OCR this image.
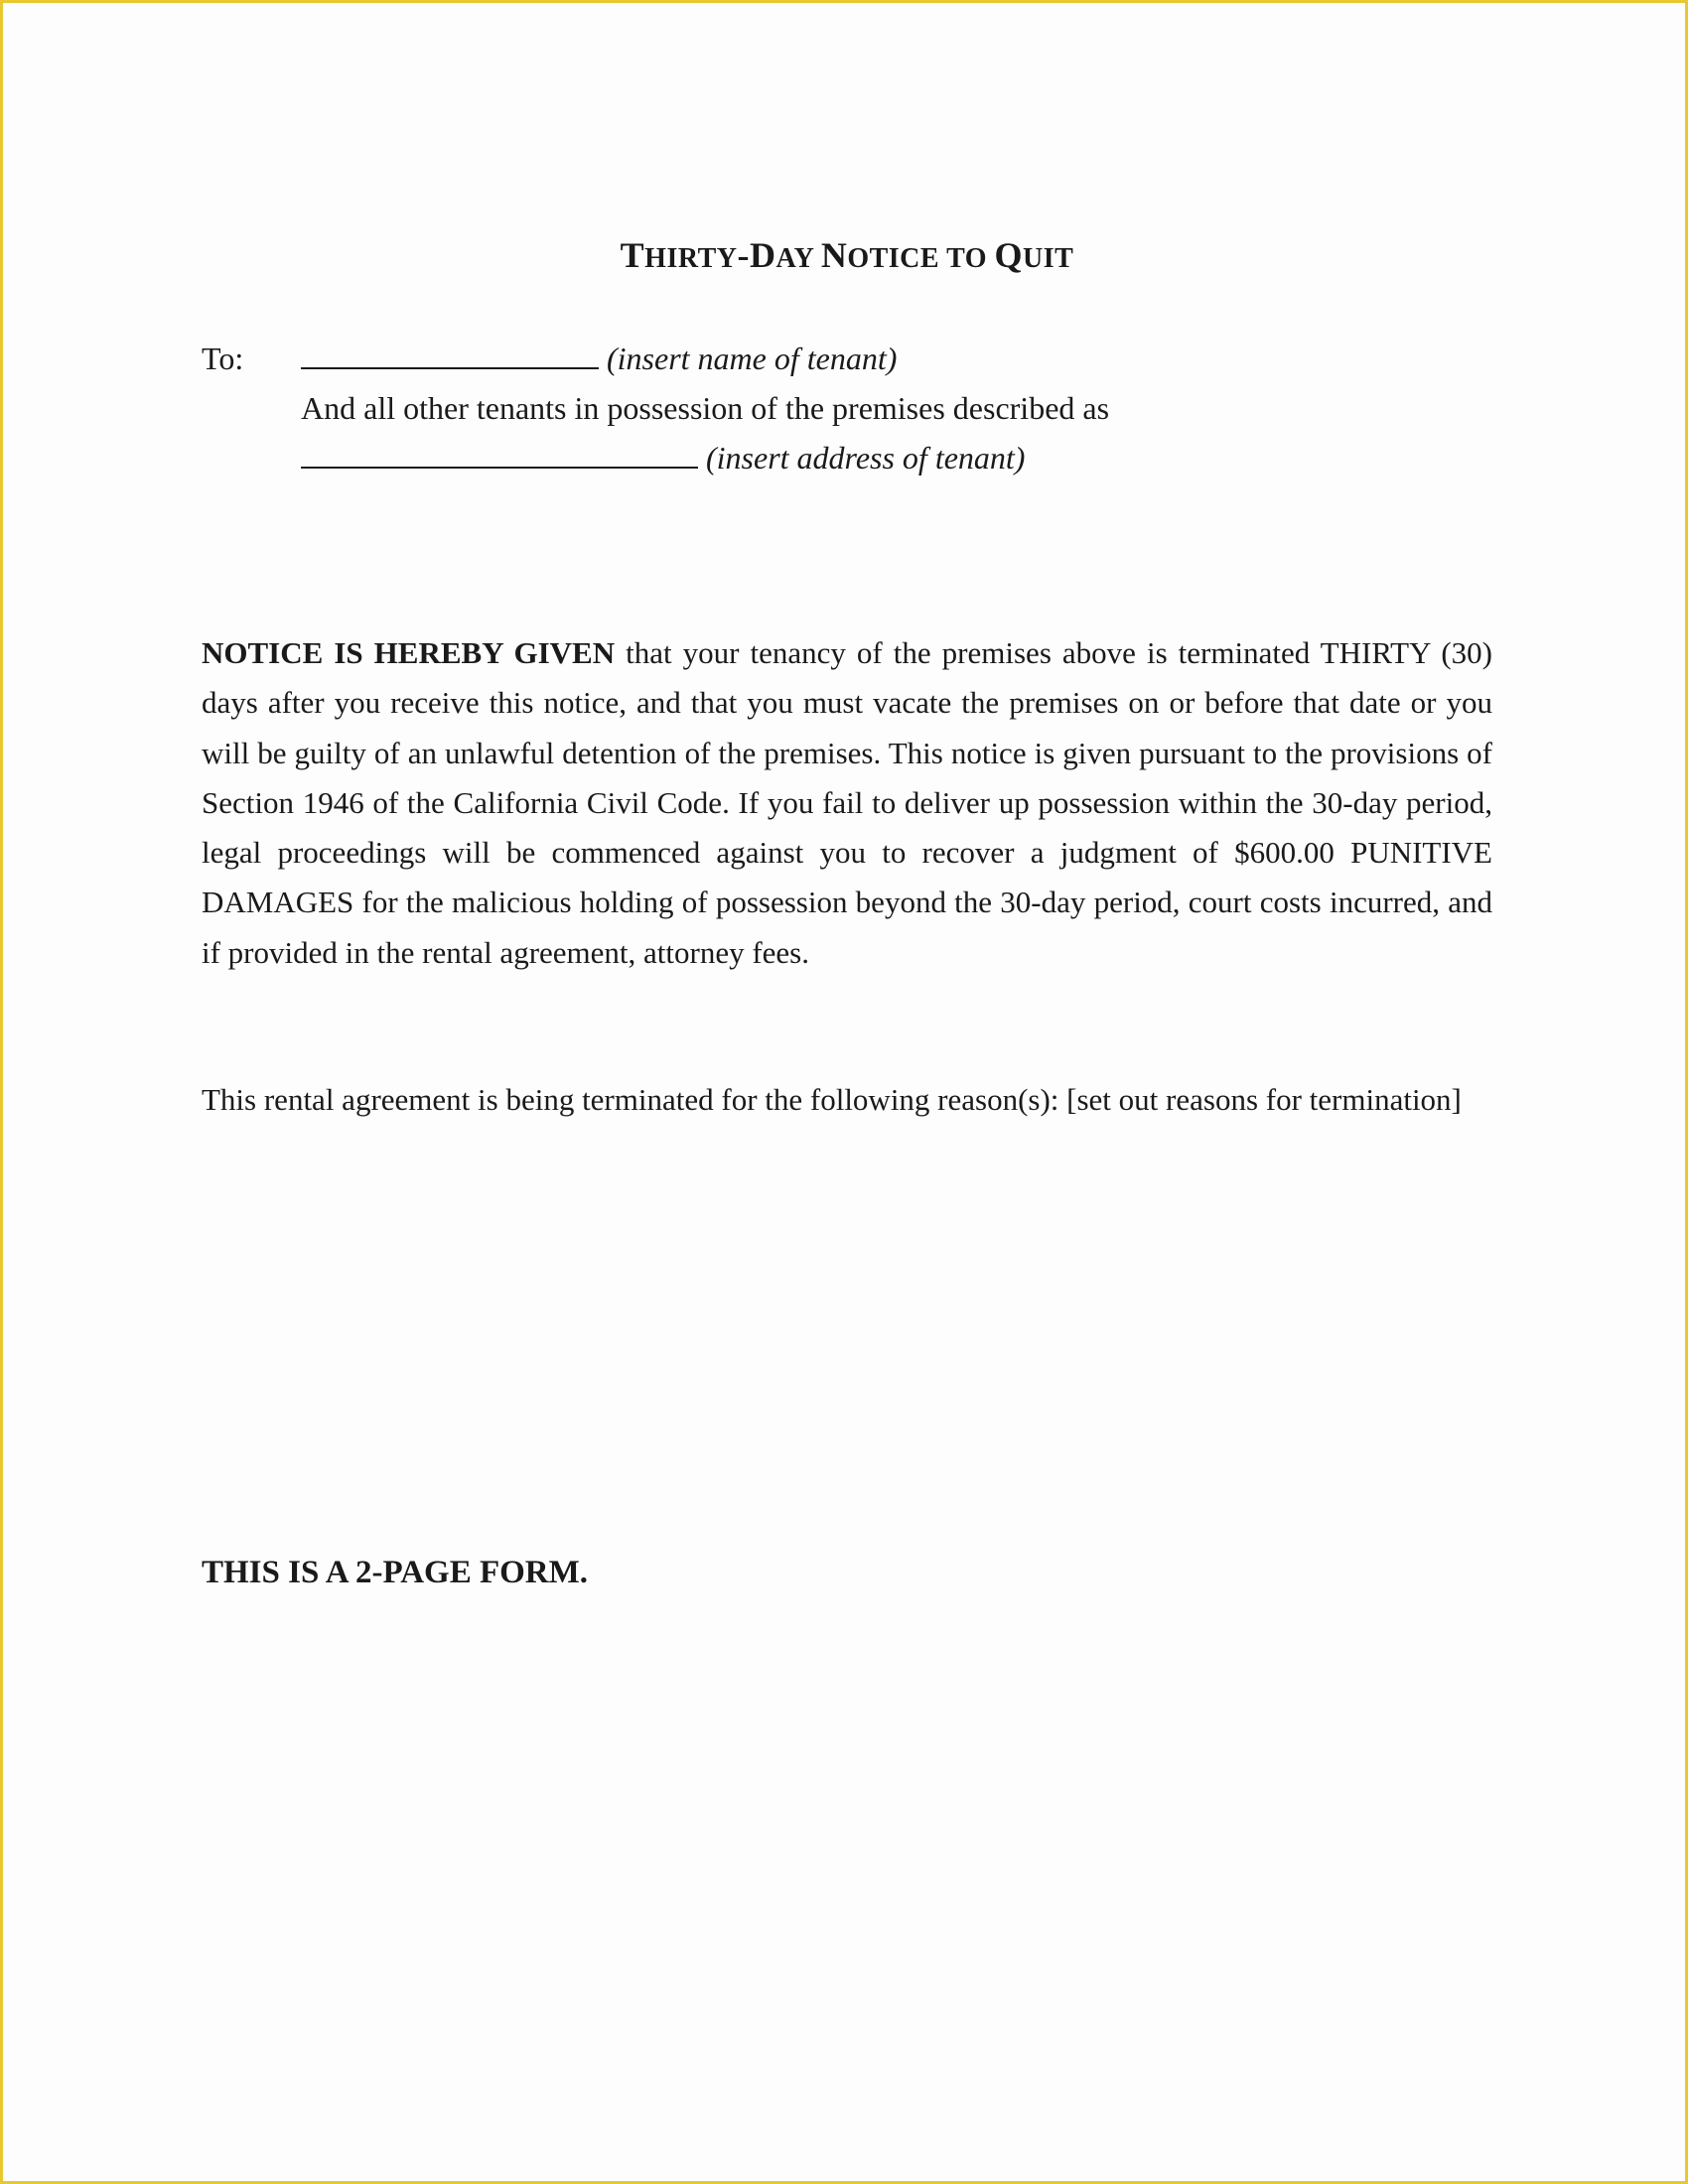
THIRTY-DAY NOTICE TO QUIT
To:	(insert name of tenant)
And all other tenants in possession of the premises described as
(insert address of tenant)
NOTICE IS HEREBY GIVEN that your tenancy of the premises above is terminated THIRTY (30) days after you receive this notice, and that you must vacate the premises on or before that date or you will be guilty of an unlawful detention of the premises. This notice is given pursuant to the provisions of Section 1946 of the California Civil Code. If you fail to deliver up possession within the 30-day period, legal proceedings will be commenced against you to recover a judgment of $600.00 PUNITIVE DAMAGES for the malicious holding of possession beyond the 30-day period, court costs incurred, and if provided in the rental agreement, attorney fees.
This rental agreement is being terminated for the following reason(s): [set out reasons for termination]
THIS IS A 2-PAGE FORM.
